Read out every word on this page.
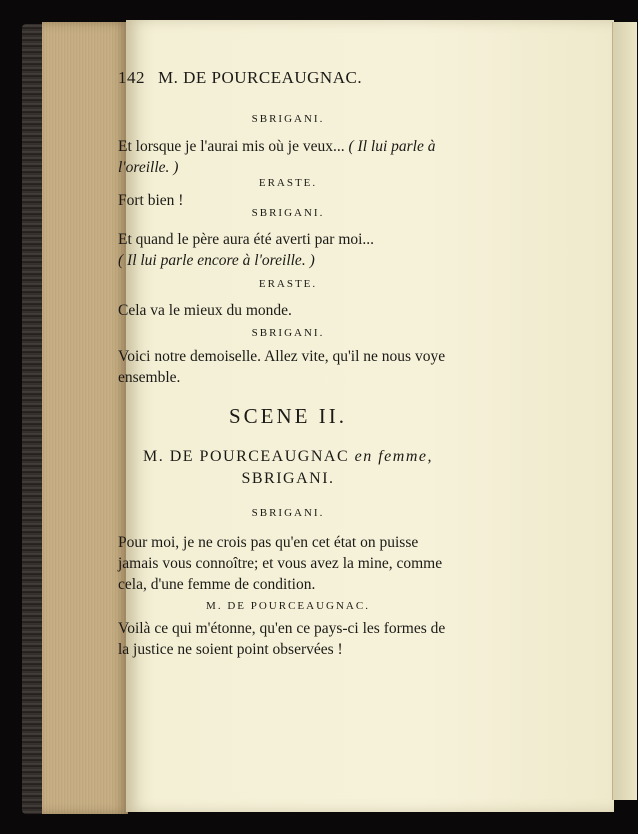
142 M. DE POURCEAUGNAC.
SBRIGANI.
Et lorsque je l'aurai mis où je veux... ( Il lui parle à l'oreille. )
ERASTE.
Fort bien !
SBRIGANI.
Et quand le père aura été averti par moi...
( Il lui parle encore à l'oreille. )
ERASTE.
Cela va le mieux du monde.
SBRIGANI.
Voici notre demoiselle. Allez vite, qu'il ne nous voye ensemble.
SCENE II.
M. DE POURCEAUGNAC en femme,
SBRIGANI.
SBRIGANI.
Pour moi, je ne crois pas qu'en cet état on puisse jamais vous connoître; et vous avez la mine, comme cela, d'une femme de condition.
M. DE POURCEAUGNAC.
Voilà ce qui m'étonne, qu'en ce pays-ci les formes de la justice ne soient point observées !
